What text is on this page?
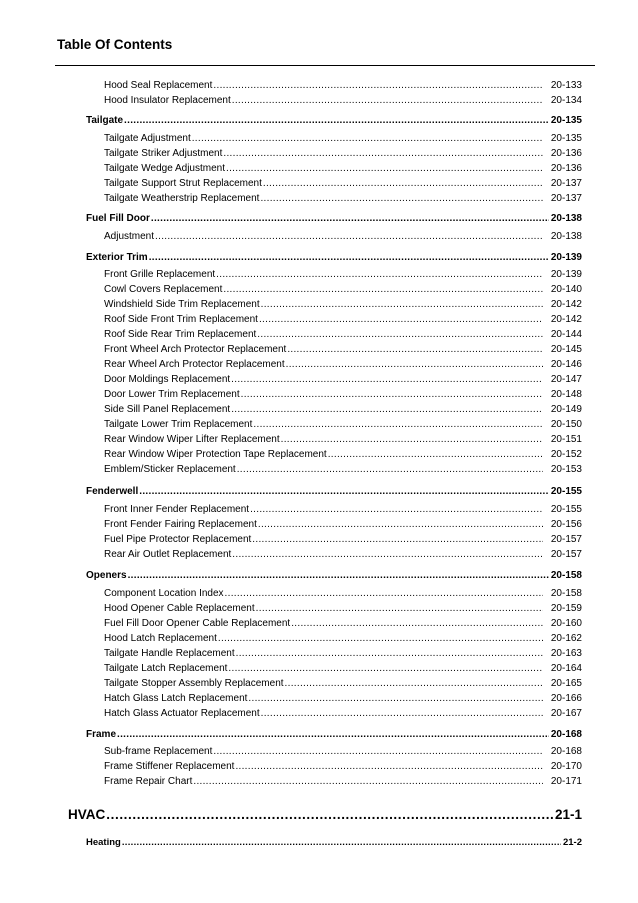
Table Of Contents
Hood Seal Replacement .....	20-133
Hood Insulator Replacement .....	20-134
Tailgate .....	20-135
Tailgate Adjustment .....	20-135
Tailgate Striker Adjustment .....	20-136
Tailgate Wedge Adjustment .....	20-136
Tailgate Support Strut Replacement .....	20-137
Tailgate Weatherstrip Replacement .....	20-137
Fuel Fill Door .....	20-138
Adjustment .....	20-138
Exterior Trim .....	20-139
Front Grille Replacement .....	20-139
Cowl Covers Replacement .....	20-140
Windshield Side Trim Replacement .....	20-142
Roof Side Front Trim Replacement .....	20-142
Roof Side Rear Trim Replacement .....	20-144
Front Wheel Arch Protector Replacement .....	20-145
Rear Wheel Arch Protector Replacement .....	20-146
Door Moldings Replacement .....	20-147
Door Lower Trim Replacement .....	20-148
Side Sill Panel Replacement .....	20-149
Tailgate Lower Trim Replacement .....	20-150
Rear Window Wiper Lifter Replacement .....	20-151
Rear Window Wiper Protection Tape Replacement .....	20-152
Emblem/Sticker Replacement .....	20-153
Fenderwell .....	20-155
Front Inner Fender Replacement .....	20-155
Front Fender Fairing Replacement .....	20-156
Fuel Pipe Protector Replacement .....	20-157
Rear Air Outlet Replacement .....	20-157
Openers .....	20-158
Component Location Index .....	20-158
Hood Opener Cable Replacement .....	20-159
Fuel Fill Door Opener Cable Replacement .....	20-160
Hood Latch Replacement .....	20-162
Tailgate Handle Replacement .....	20-163
Tailgate Latch Replacement .....	20-164
Tailgate Stopper Assembly Replacement .....	20-165
Hatch Glass Latch Replacement .....	20-166
Hatch Glass Actuator Replacement .....	20-167
Frame .....	20-168
Sub-frame Replacement .....	20-168
Frame Stiffener Replacement .....	20-170
Frame Repair Chart .....	20-171
HVAC .....	21-1
Heating .....	21-2
